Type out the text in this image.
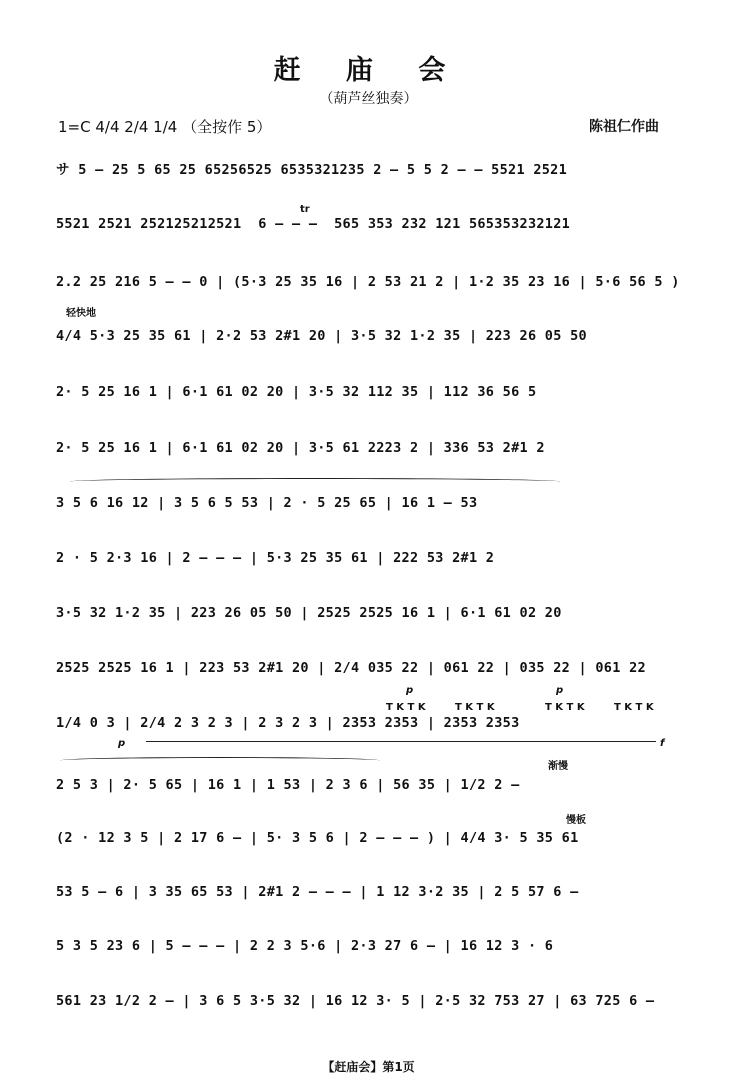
赶 庙 会
（葫芦丝独奏）
1=C 4/4 2/4 1/4 （全按作 5）	陈祖仁作曲
サ 5 – 25 5 65 25 65256525 6535321235 2 – 5 5 2 – – 5521 2521
5521 2521 252125212521  6 – – –  565 353 232 121 565353232121
2.2 25 216 5 – – 0 | (5·3 25 35 16 | 2 53 21 2 | 1·2 35 23 16 | 5·6 56 5 )
4/4 5·3 25 35 61 | 2·2 53 2#1 20 | 3·5 32 1·2 35 | 223 26 05 50
2· 5 25 16 1 | 6·1 61 02 20 | 3·5 32 112 35 | 112 36 56 5
2· 5 25 16 1 | 6·1 61 02 20 | 3·5 61 2223 2 | 336 53 2#1 2
3 5 6 16 12 | 3 5 6 5 53 | 2 · 5 25 65 | 16 1 – 53
2 · 5 2·3 16 | 2 – – – | 5·3 25 35 61 | 222 53 2#1 2
3·5 32 1·2 35 | 223 26 05 50 | 2525 2525 16 1 | 6·1 61 02 20
2525 2525 16 1 | 223 53 2#1 20 | 2/4 035 22 | 061 22 | 035 22 | 061 22
1/4 0 3 | 2/4 2 3 2 3 | 2 3 2 3 | 2353 2353 | 2353 2353
2 5 3 | 2· 5 65 | 16 1 | 1 53 | 2 3 6 | 56 35 | 1/2 2 –
(2 · 12 3 5 | 2 17 6 – | 5· 3 5 6 | 2 – – – ) | 4/4 3· 5 35 61
53 5 – 6 | 3 35 65 53 | 2#1 2 – – – | 1 12 3·2 35 | 2 5 57 6 –
5 3 5 23 6 | 5 – – – | 2 2 3 5·6 | 2·3 27 6 – | 16 12 3 · 6
561 23 1/2 2 – | 3 6 5 3·5 32 | 16 12 3· 5 | 2·5 32 753 27 | 63 725 6 –
轻快地
渐慢
慢板
tr
p	p
p	f
T K T K	T K T K	T K T K	T K T K
【赶庙会】第1页
